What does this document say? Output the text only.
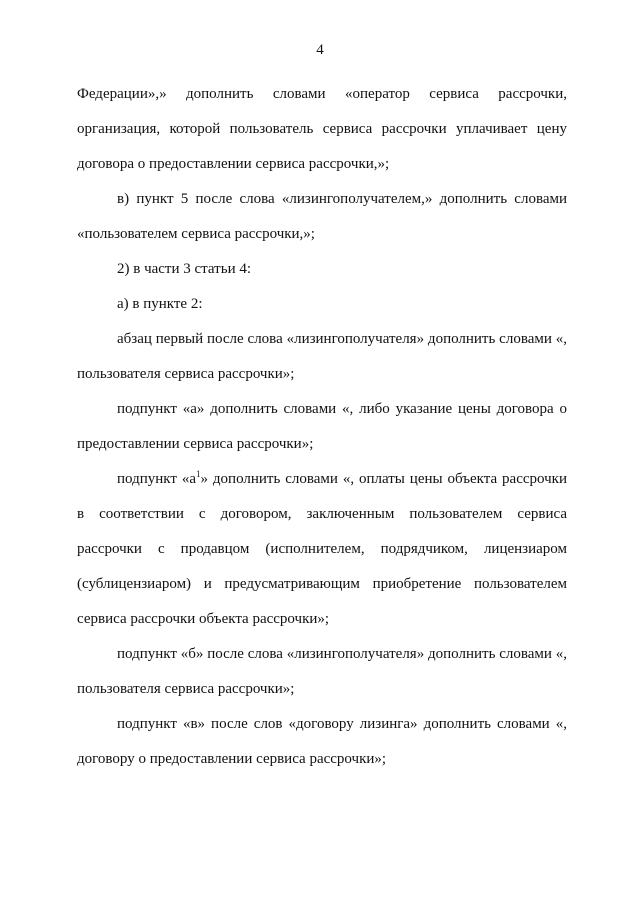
4

Федерации»,» дополнить словами «оператор сервиса рассрочки, организация, которой пользователь сервиса рассрочки уплачивает цену договора о предоставлении сервиса рассрочки,»;

в) пункт 5 после слова «лизингополучателем,» дополнить словами «пользователем сервиса рассрочки,»;

2) в части 3 статьи 4:

а) в пункте 2:

абзац первый после слова «лизингополучателя» дополнить словами «, пользователя сервиса рассрочки»;

подпункт «а» дополнить словами «, либо указание цены договора о предоставлении сервиса рассрочки»;

подпункт «$а^1$» дополнить словами «, оплаты цены объекта рассрочки в соответствии с договором, заключенным пользователем сервиса рассрочки с продавцом (исполнителем, подрядчиком, лицензиаром (сублицензиаром) и предусматривающим приобретение пользователем сервиса рассрочки объекта рассрочки»;

подпункт «б» после слова «лизингополучателя» дополнить словами «, пользователя сервиса рассрочки»;

подпункт «в» после слов «договору лизинга» дополнить словами «, договору о предоставлении сервиса рассрочки»;
